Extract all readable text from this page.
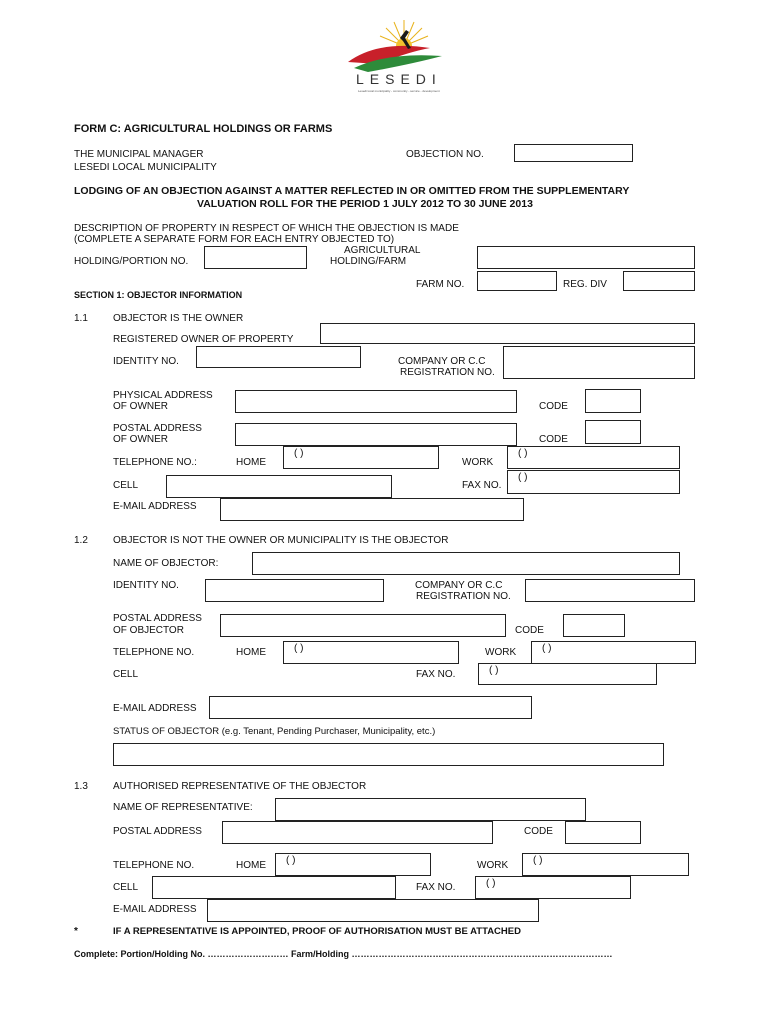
LESEDI
Lesedi local municipality - community - service - development
FORM C: AGRICULTURAL HOLDINGS OR FARMS
THE MUNICIPAL MANAGER
LESEDI LOCAL MUNICIPALITY
OBJECTION NO.
LODGING OF AN OBJECTION AGAINST A MATTER REFLECTED IN OR OMITTED FROM THE SUPPLEMENTARY
VALUATION ROLL FOR THE PERIOD 1 JULY 2012 TO 30 JUNE 2013
DESCRIPTION OF PROPERTY IN RESPECT OF WHICH THE OBJECTION IS MADE
(COMPLETE A SEPARATE FORM FOR EACH ENTRY OBJECTED TO)
HOLDING/PORTION NO.
AGRICULTURAL
HOLDING/FARM
FARM NO.	REG. DIV
SECTION 1: OBJECTOR INFORMATION
1.1	OBJECTOR IS THE OWNER
REGISTERED OWNER OF PROPERTY
IDENTITY NO.	COMPANY OR C.C
REGISTRATION NO.
PHYSICAL ADDRESS
OF OWNER	CODE
POSTAL ADDRESS
OF OWNER	CODE
TELEPHONE NO.:	HOME
( )
WORK
( )
CELL	FAX NO.
( )
E-MAIL ADDRESS
1.2	OBJECTOR IS NOT THE OWNER OR MUNICIPALITY IS THE OBJECTOR
NAME OF OBJECTOR:
IDENTITY NO.	COMPANY OR C.C
REGISTRATION NO.
POSTAL ADDRESS
OF OBJECTOR	CODE
TELEPHONE NO.	HOME	( )	WORK	( )
CELL	FAX NO.	( )
E-MAIL ADDRESS
STATUS OF OBJECTOR (e.g. Tenant, Pending Purchaser, Municipality, etc.)
1.3	AUTHORISED REPRESENTATIVE OF THE OBJECTOR
NAME OF REPRESENTATIVE:
POSTAL ADDRESS	CODE
TELEPHONE NO.	HOME ( )	WORK ( )
CELL	FAX NO.	( )
E-MAIL ADDRESS
*	IF A REPRESENTATIVE IS APPOINTED, PROOF OF AUTHORISATION MUST BE ATTACHED
Complete: Portion/Holding No. ……………………… Farm/Holding ……………………………………………………………………………
